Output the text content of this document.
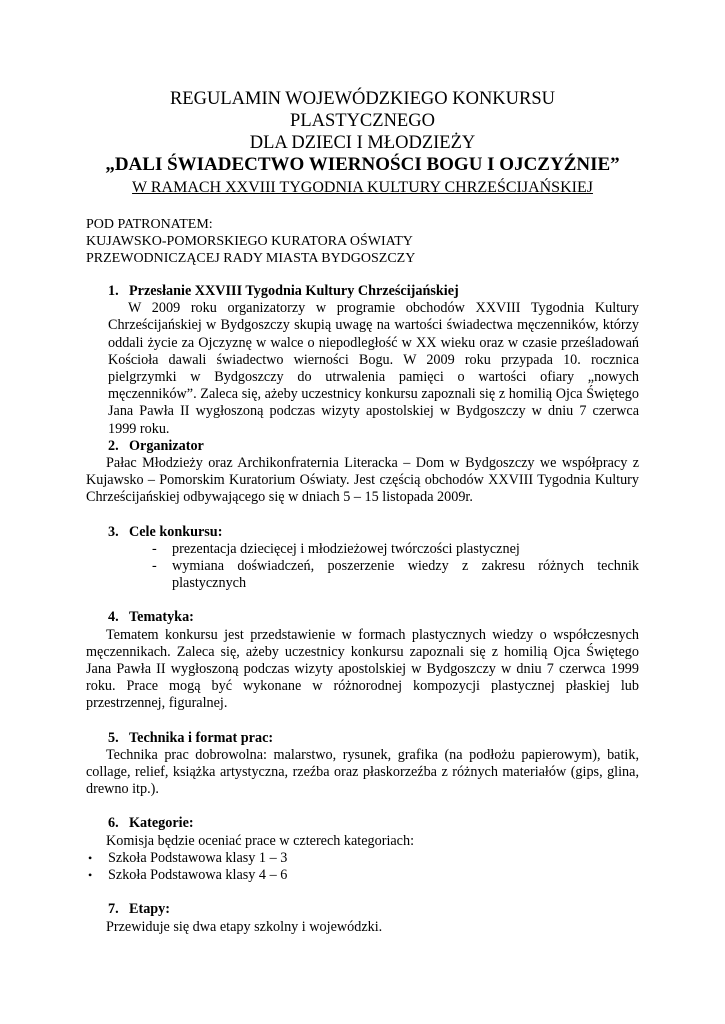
REGULAMIN WOJEWÓDZKIEGO KONKURSU
PLASTYCZNEGO
DLA DZIECI I MŁODZIEŻY
„DALI ŚWIADECTWO WIERNOŚCI BOGU I OJCZYŹNIE”
W RAMACH XXVIII TYGODNIA KULTURY CHRZEŚCIJAŃSKIEJ
POD PATRONATEM:
KUJAWSKO-POMORSKIEGO KURATORA OŚWIATY
PRZEWODNICZĄCEJ RADY MIASTA BYDGOSZCZY
1. Przesłanie XXVIII Tygodnia Kultury Chrześcijańskiej

W 2009 roku organizatorzy w programie obchodów XXVIII Tygodnia Kultury Chrześcijańskiej w Bydgoszczy skupią uwagę na wartości świadectwa męczenników, którzy oddali życie za Ojczyznę w walce o niepodległość w XX wieku oraz w czasie prześladowań Kościoła dawali świadectwo wierności Bogu. W 2009 roku przypada 10. rocznica pielgrzymki w Bydgoszczy do utrwalenia pamięci o wartości ofiary „nowych męczenników”. Zaleca się, ażeby uczestnicy konkursu zapoznali się z homilią Ojca Świętego Jana Pawła II wygłoszoną podczas wizyty apostolskiej w Bydgoszczy w dniu 7 czerwca 1999 roku.

2. Organizator

Pałac Młodzieży oraz Archikonfraternia Literacka – Dom w Bydgoszczy we współpracy z Kujawsko – Pomorskim Kuratorium Oświaty. Jest częścią obchodów XXVIII Tygodnia Kultury Chrześcijańskiej odbywającego się w dniach 5 – 15 listopada 2009r.

3. Cele konkursu:
- prezentacja dziecięcej i młodzieżowej twórczości plastycznej
- wymiana doświadczeń, poszerzenie wiedzy z zakresu różnych technik plastycznych
4. Tematyka:

Tematem konkursu jest przedstawienie w formach plastycznych wiedzy o współczesnych męczennikach. Zaleca się, ażeby uczestnicy konkursu zapoznali się z homilią Ojca Świętego Jana Pawła II wygłoszoną podczas wizyty apostolskiej w Bydgoszczy w dniu 7 czerwca 1999 roku. Prace mogą być wykonane w różnorodnej kompozycji plastycznej płaskiej lub przestrzennej, figuralnej.

5. Technika i format prac:

Technika prac dobrowolna: malarstwo, rysunek, grafika (na podłożu papierowym), batik, collage, relief, książka artystyczna, rzeźba oraz płaskorzeźba z różnych materiałów (gips, glina, drewno itp.).

6. Kategorie:

Komisja będzie oceniać prace w czterech kategoriach:

• Szkoła Podstawowa klasy 1 – 3
• Szkoła Podstawowa klasy 4 – 6
7. Etapy:

Przewiduje się dwa etapy szkolny i wojewódzki.
